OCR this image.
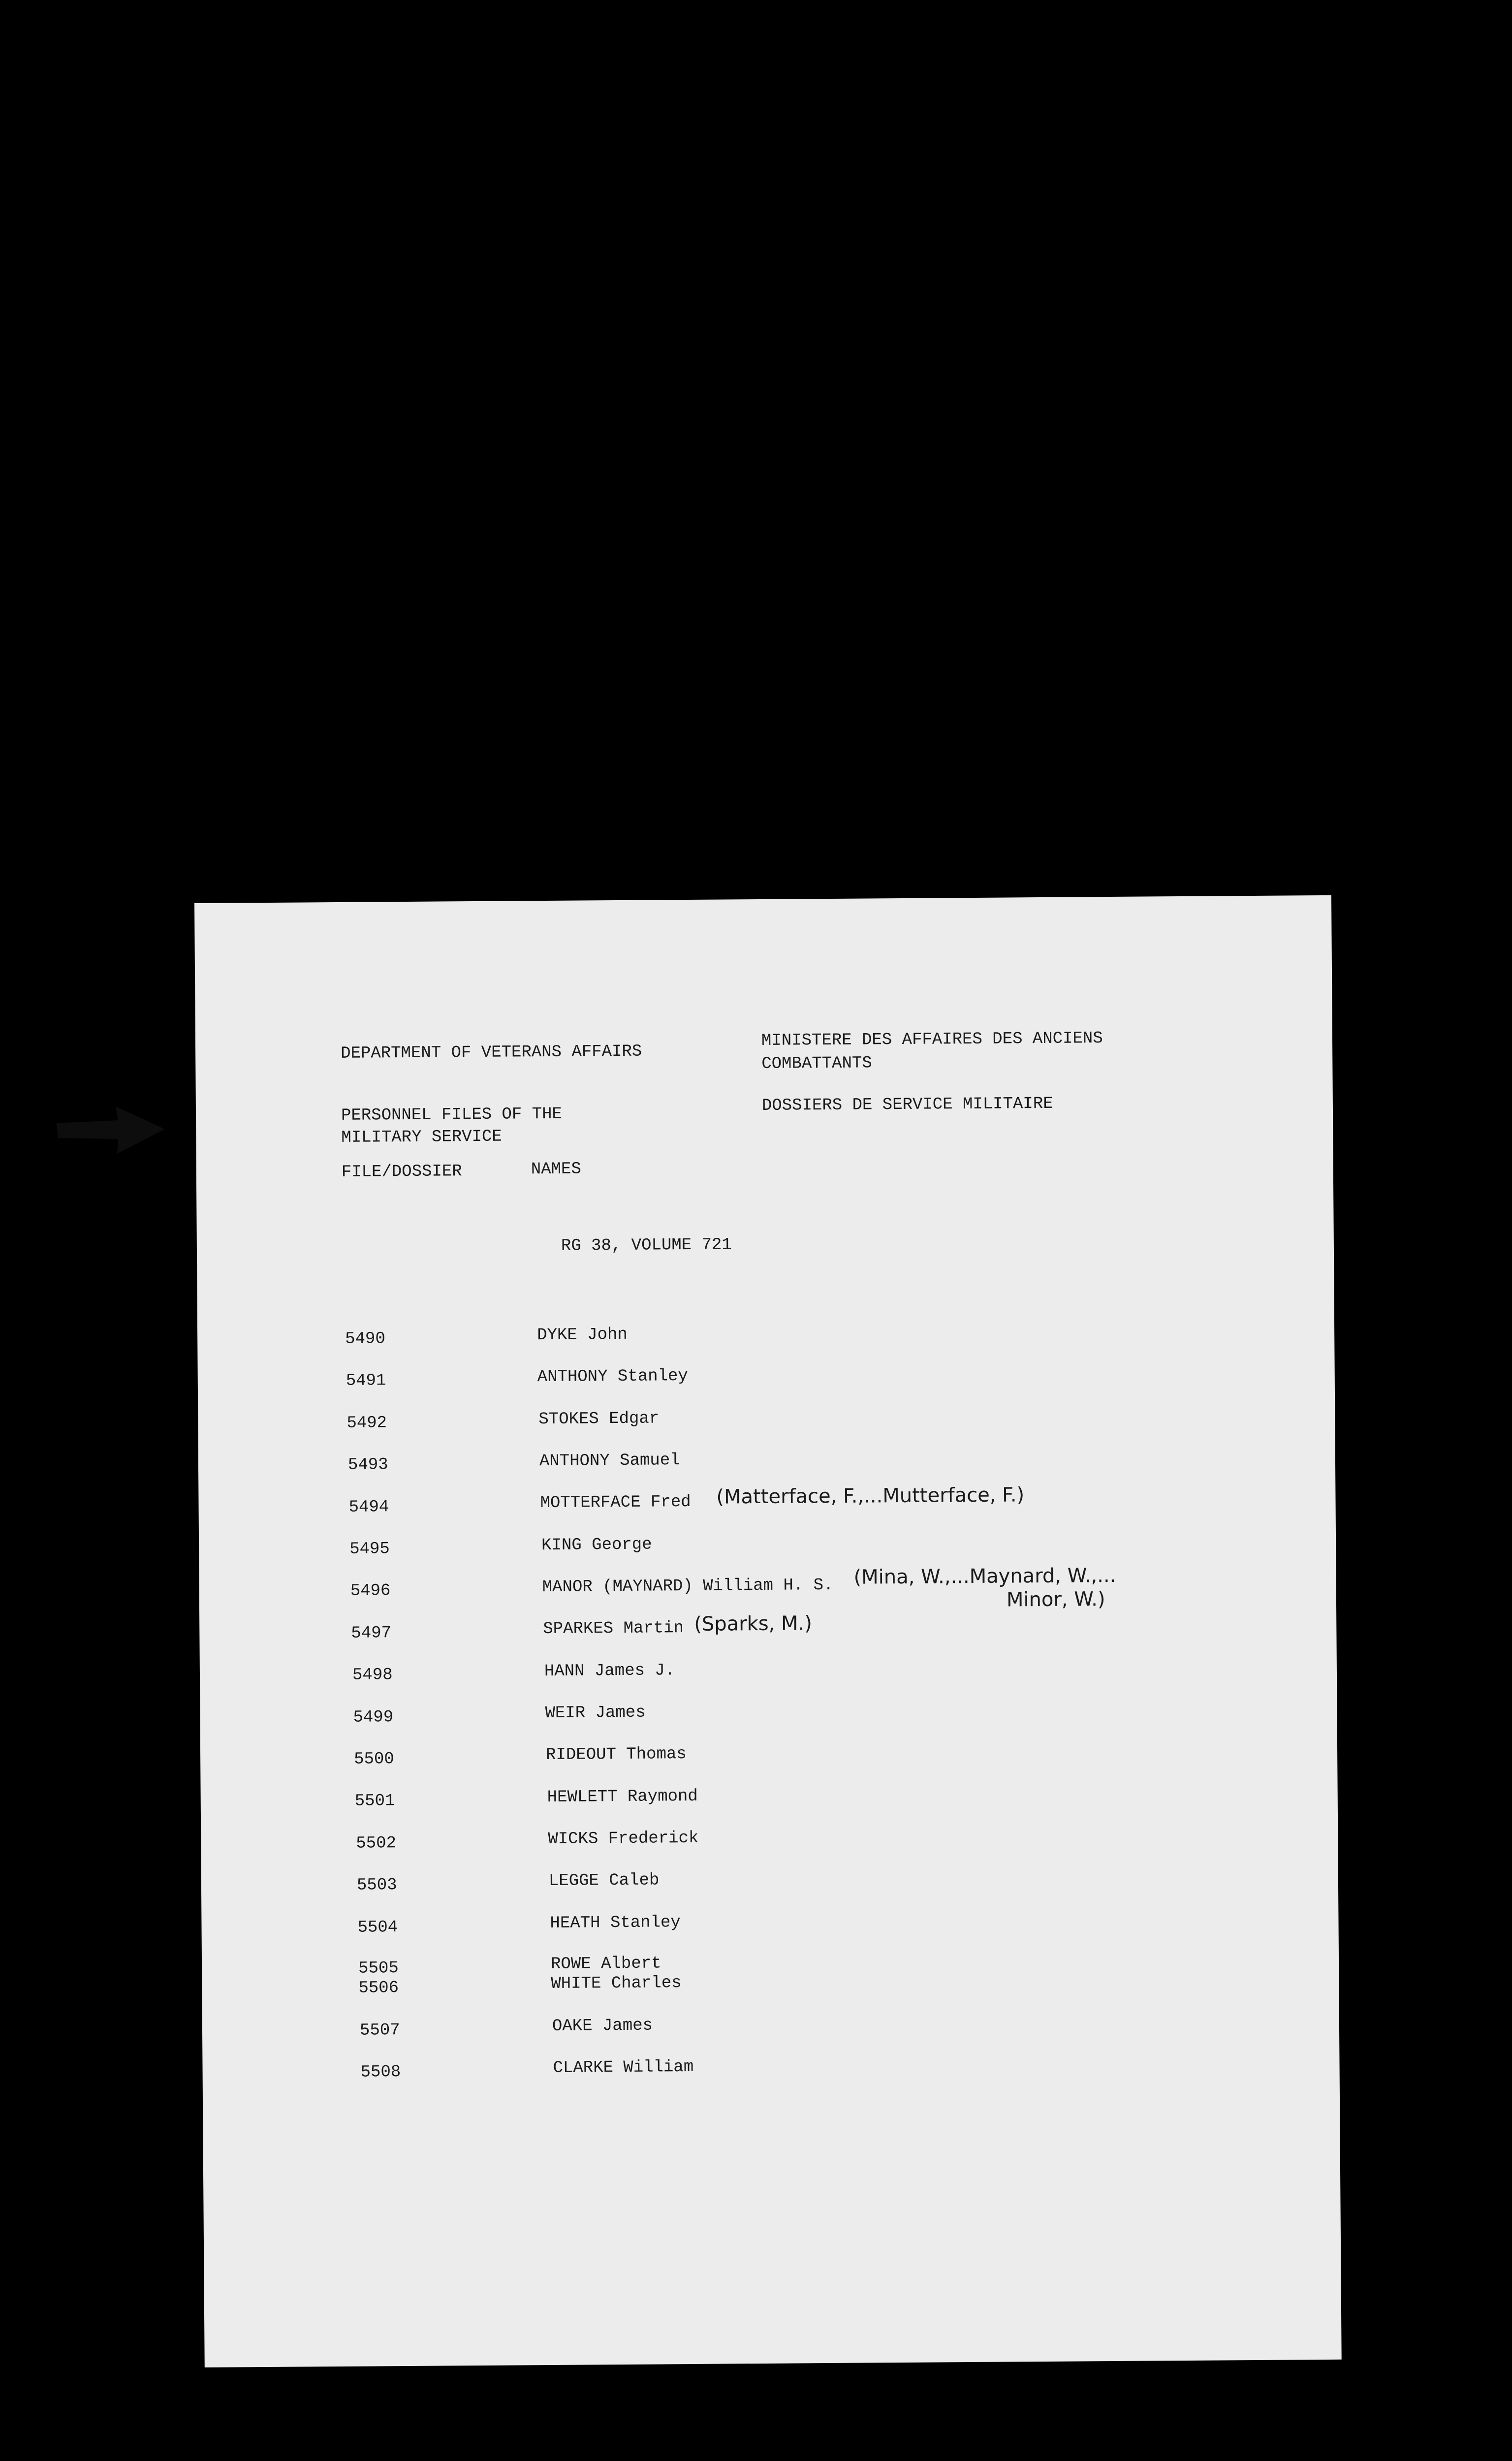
DEPARTMENT OF VETERANS AFFAIRS
MINISTERE DES AFFAIRES DES ANCIENS
COMBATTANTS
PERSONNEL FILES OF THE
MILITARY SERVICE
DOSSIERS DE SERVICE MILITAIRE
FILE/DOSSIER	NAMES
RG 38, VOLUME 721
5490	DYKE John
5491	ANTHONY Stanley
5492	STOKES Edgar
5493	ANTHONY Samuel
5494	MOTTERFACE Fred (Matterface, F.,...Mutterface, F.)
5495	KING George
5496	MANOR (MAYNARD) William H. S. (Mina, W.,...Maynard, W.,...
Minor, W.)
5497	SPARKES Martin (Sparks, M.)
5498	HANN James J.
5499	WEIR James
5500	RIDEOUT Thomas
5501	HEWLETT Raymond
5502	WICKS Frederick
5503	LEGGE Caleb
5504	HEATH Stanley
5505	ROWE Albert
5506	WHITE Charles
5507	OAKE James
5508	CLARKE William
